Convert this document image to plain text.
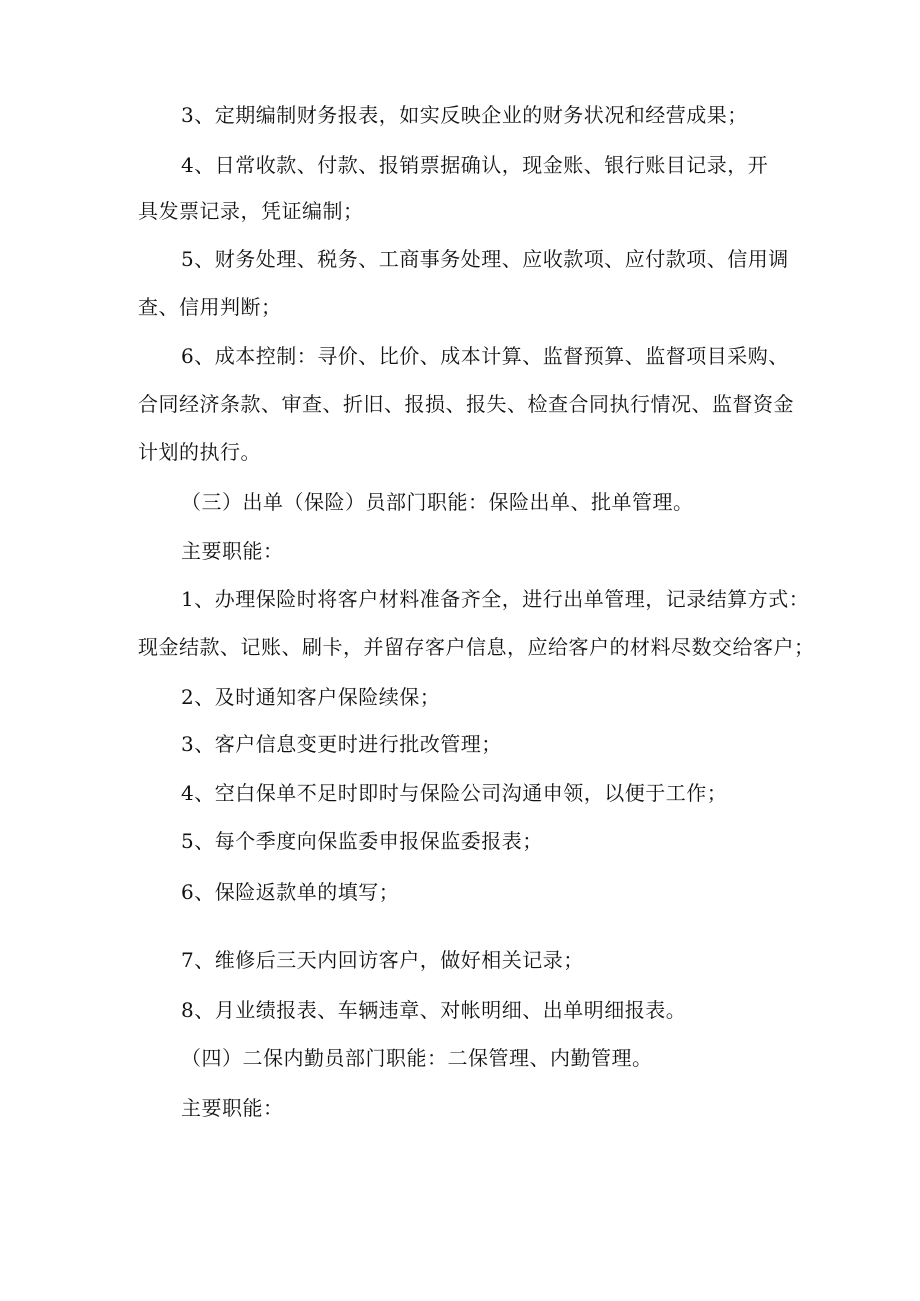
3、定期编制财务报表，如实反映企业的财务状况和经营成果；

4、日常收款、付款、报销票据确认，现金账、银行账目记录，开

具发票记录，凭证编制；

5、财务处理、税务、工商事务处理、应收款项、应付款项、信用调

查、信用判断；

6、成本控制：寻价、比价、成本计算、监督预算、监督项目采购、

合同经济条款、审查、折旧、报损、报失、检查合同执行情况、监督资金

计划的执行。

（三）出单（保险）员部门职能：保险出单、批单管理。

主要职能：

1、办理保险时将客户材料准备齐全，进行出单管理，记录结算方式：

现金结款、记账、刷卡，并留存客户信息，应给客户的材料尽数交给客户；

2、及时通知客户保险续保；

3、客户信息变更时进行批改管理；

4、空白保单不足时即时与保险公司沟通申领，以便于工作；

5、每个季度向保监委申报保监委报表；

6、保险返款单的填写；

7、维修后三天内回访客户，做好相关记录；

8、月业绩报表、车辆违章、对帐明细、出单明细报表。

（四）二保内勤员部门职能：二保管理、内勤管理。

主要职能：
